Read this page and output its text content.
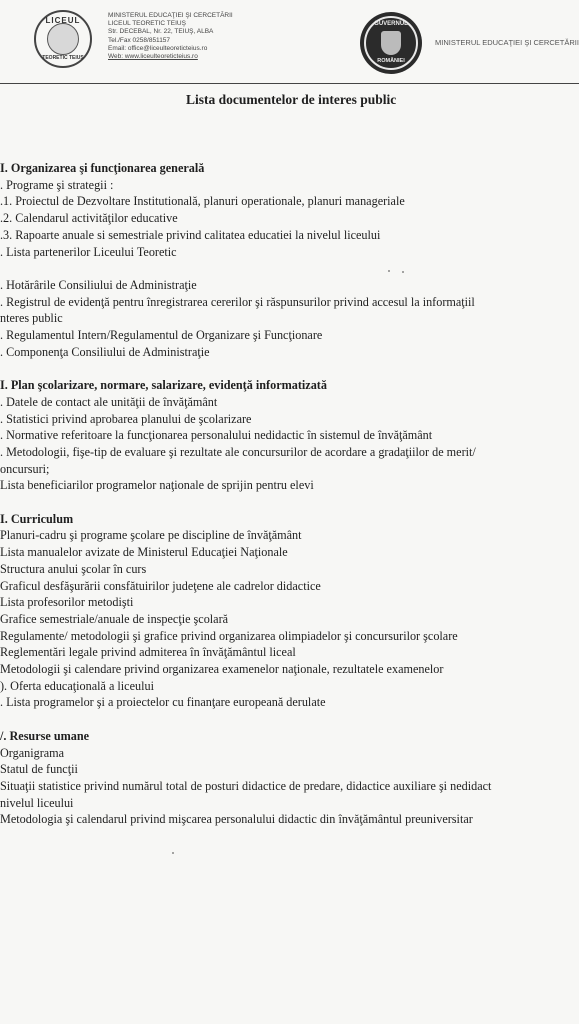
LICEUL
TEORETIC TEIUŞ
MINISTERUL EDUCAŢIEI ŞI CERCETĂRII
LICEUL TEORETIC TEIUŞ
Str. DECEBAL, Nr. 22, TEIUŞ, ALBA
Tel./Fax 0258/851157
Email: office@liceulteoreticteius.ro
Web: www.liceulteoreticteius.ro
GUVERNUL
ROMÂNIEI
MINISTERUL EDUCAŢIEI ŞI CERCETĂRII
Lista documentelor de interes public
I. Organizarea şi funcţionarea generală
. Programe şi strategii :
.1. Proiectul de Dezvoltare Institutională, planuri operationale, planuri manageriale
.2. Calendarul activităţilor educative
.3. Rapoarte anuale si semestriale privind calitatea educatiei la nivelul liceului
. Lista partenerilor Liceului Teoretic
. Hotărârile Consiliului de Administraţie
. Registrul de evidenţă pentru înregistrarea cererilor şi răspunsurilor privind accesul la informaţiil
nteres public
. Regulamentul Intern/Regulamentul de Organizare şi Funcţionare
. Componenţa Consiliului de Administraţie
I. Plan şcolarizare, normare, salarizare, evidenţă informatizată
. Datele de contact ale unităţii de învăţământ
. Statistici privind aprobarea planului de şcolarizare
. Normative referitoare la funcţionarea personalului nedidactic în sistemul de învăţământ
. Metodologii, fişe-tip de evaluare şi rezultate ale concursurilor de acordare a gradaţiilor de merit/
oncursuri;
Lista beneficiarilor programelor naţionale de sprijin pentru elevi
I. Curriculum
Planuri-cadru şi programe şcolare pe discipline de învăţământ
Lista manualelor avizate de Ministerul Educaţiei Naţionale
Structura anului şcolar în curs
Graficul desfăşurării consfătuirilor judeţene ale cadrelor didactice
Lista profesorilor metodişti
Grafice semestriale/anuale de inspecţie şcolară
Regulamente/ metodologii şi grafice privind organizarea olimpiadelor şi concursurilor şcolare
Reglementări legale privind admiterea în învăţământul liceal
Metodologii şi calendare privind organizarea examenelor naţionale, rezultatele examenelor
). Oferta educaţională a liceului
. Lista programelor şi a proiectelor cu finanţare europeană derulate
/. Resurse umane
Organigrama
Statul de funcţii
Situaţii statistice privind numărul total de posturi didactice de predare, didactice auxiliare şi nedidact
nivelul liceului
Metodologia şi calendarul privind mişcarea personalului didactic din învăţământul preuniversitar
